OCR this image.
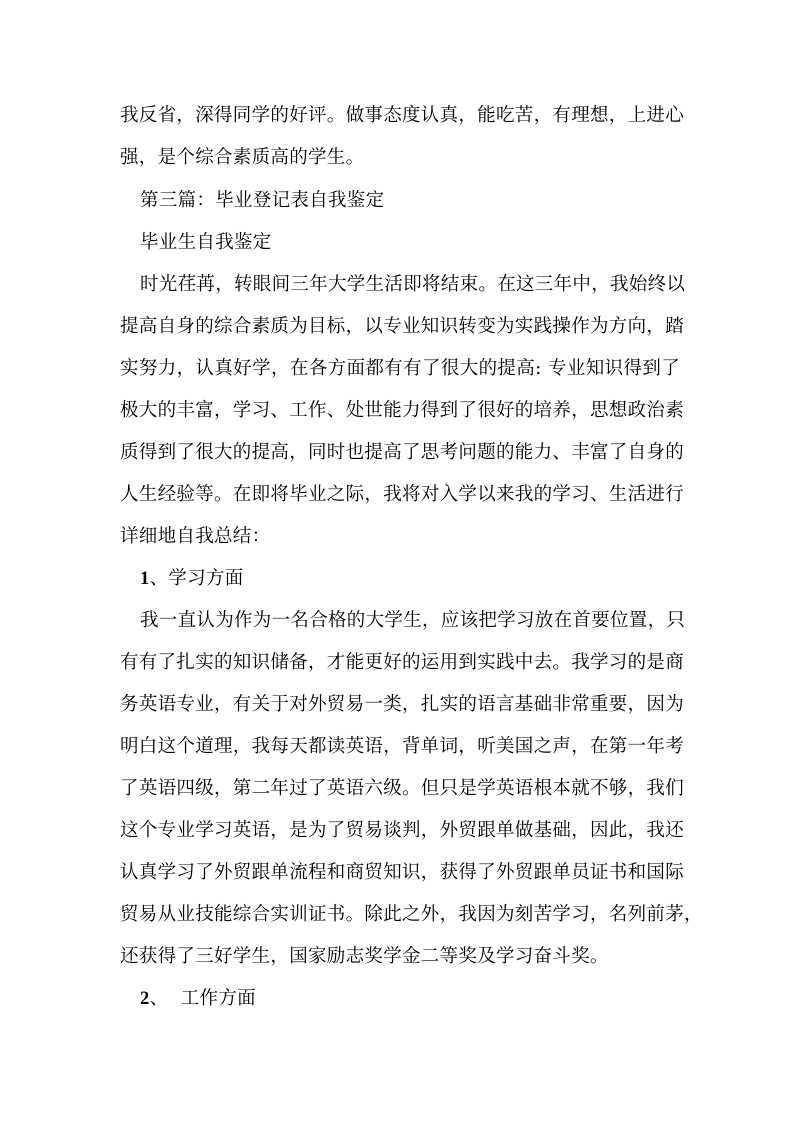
我反省，深得同学的好评。做事态度认真，能吃苦，有理想，上进心
强，是个综合素质高的学生。
第三篇：毕业登记表自我鉴定
毕业生自我鉴定
时光荏苒，转眼间三年大学生活即将结束。在这三年中，我始终以
提高自身的综合素质为目标，以专业知识转变为实践操作为方向，踏
实努力，认真好学，在各方面都有有了很大的提高: 专业知识得到了
极大的丰富，学习、工作、处世能力得到了很好的培养，思想政治素
质得到了很大的提高，同时也提高了思考问题的能力、丰富了自身的
人生经验等。在即将毕业之际，我将对入学以来我的学习、生活进行
详细地自我总结：
1、学习方面
我一直认为作为一名合格的大学生，应该把学习放在首要位置，只
有有了扎实的知识储备，才能更好的运用到实践中去。我学习的是商
务英语专业，有关于对外贸易一类，扎实的语言基础非常重要，因为
明白这个道理，我每天都读英语，背单词，听美国之声，在第一年考
了英语四级，第二年过了英语六级。但只是学英语根本就不够，我们
这个专业学习英语，是为了贸易谈判，外贸跟单做基础，因此，我还
认真学习了外贸跟单流程和商贸知识，获得了外贸跟单员证书和国际
贸易从业技能综合实训证书。除此之外，我因为刻苦学习，名列前茅，
还获得了三好学生，国家励志奖学金二等奖及学习奋斗奖。
2、  工作方面
